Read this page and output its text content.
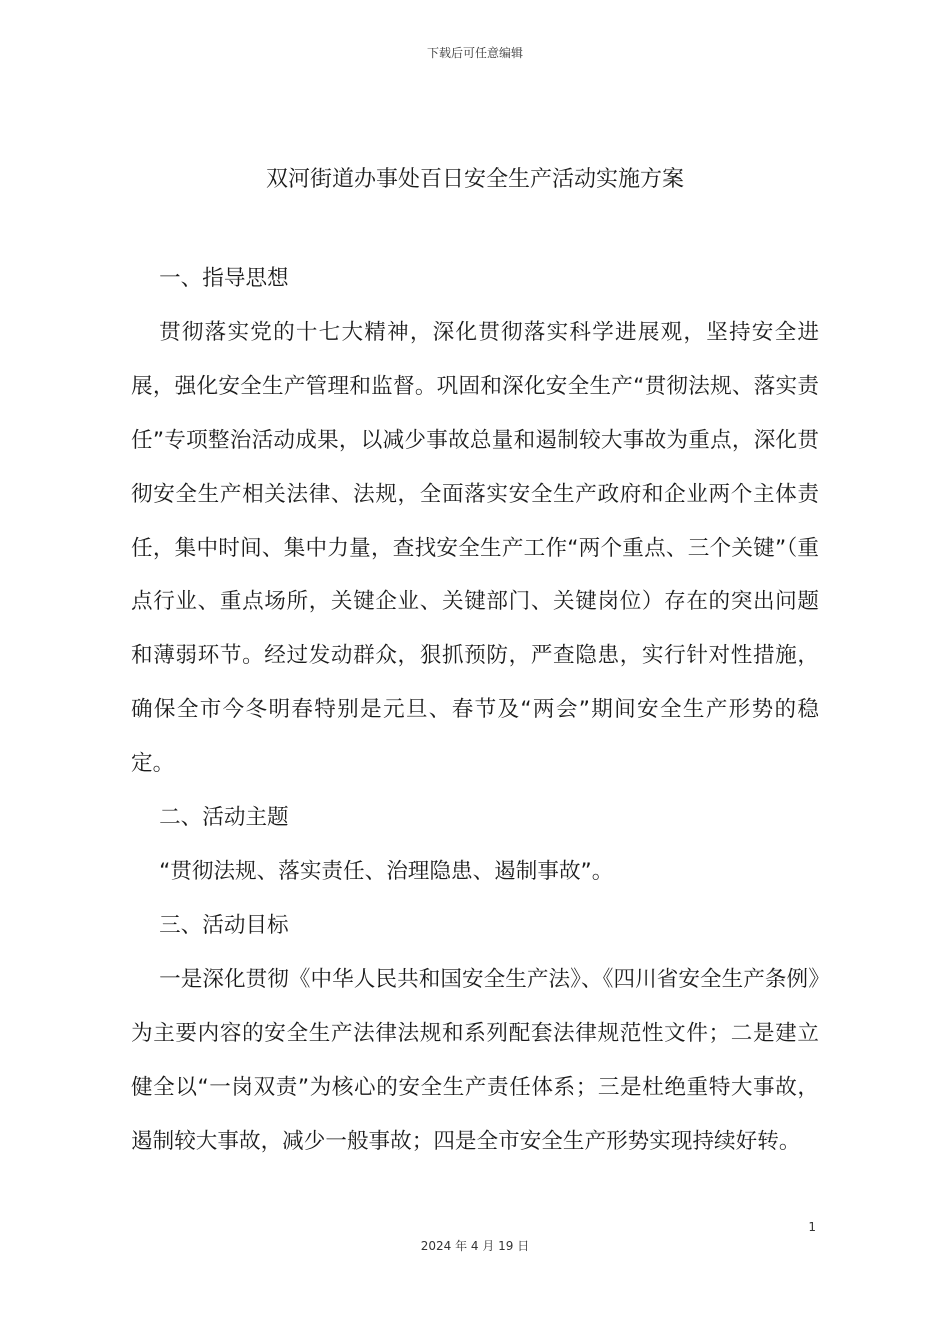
下载后可任意编辑
双河街道办事处百日安全生产活动实施方案

一、指导思想

贯彻落实党的十七大精神，深化贯彻落实科学进展观，坚持安全进展，强化安全生产管理和监督。巩固和深化安全生产“贯彻法规、落实责任”专项整治活动成果，以减少事故总量和遏制较大事故为重点，深化贯彻安全生产相关法律、法规，全面落实安全生产政府和企业两个主体责任，集中时间、集中力量，查找安全生产工作“两个重点、三个关键”（重点行业、重点场所，关键企业、关键部门、关键岗位）存在的突出问题和薄弱环节。经过发动群众，狠抓预防，严查隐患，实行针对性措施，确保全市今冬明春特别是元旦、春节及“两会”期间安全生产形势的稳定。

二、活动主题

“贯彻法规、落实责任、治理隐患、遏制事故”。

三、活动目标

一是深化贯彻《中华人民共和国安全生产法》、《四川省安全生产条例》为主要内容的安全生产法律法规和系列配套法律规范性文件；二是建立健全以“一岗双责”为核心的安全生产责任体系；三是杜绝重特大事故，遏制较大事故，减少一般事故；四是全市安全生产形势实现持续好转。

1
2024 年 4 月 19 日
